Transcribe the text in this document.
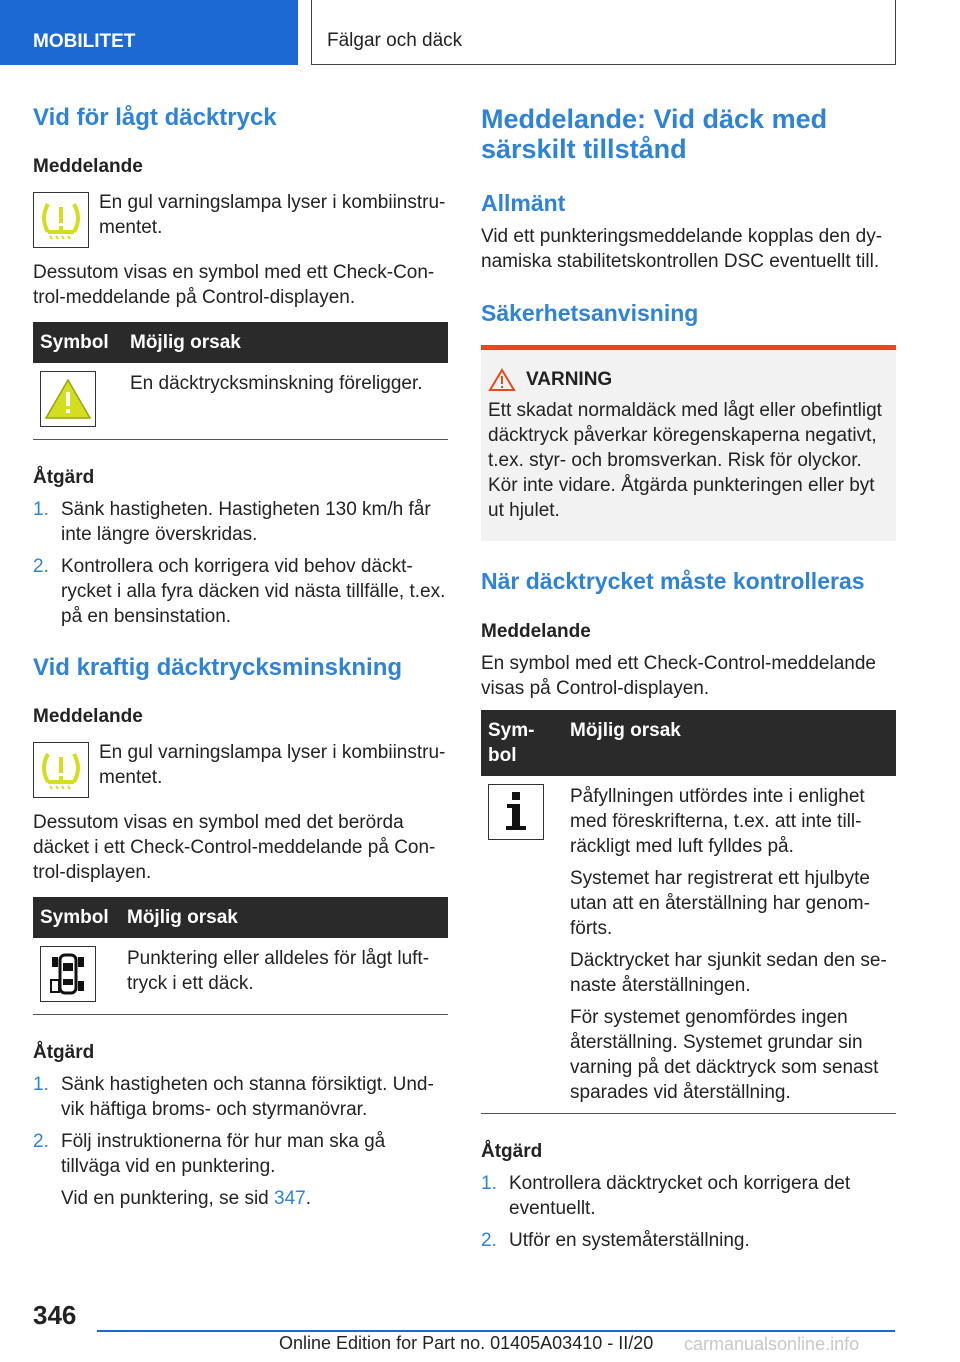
MOBILITET	Fälgar och däck
Vid för lågt däcktryck
Meddelande
En gul varningslampa lyser i kombiinstru-mentet.

Dessutom visas en symbol med ett Check-Con-trol-meddelande på Control-displayen.

Symbol	Möjlig orsak

	En däcktrycksminskning föreligger.
Åtgärd
1. Sänk hastigheten. Hastigheten 130 km/h får inte längre överskridas.
2. Kontrollera och korrigera vid behov däckt-rycket i alla fyra däcken vid nästa tillfälle, t.ex. på en bensinstation.
Vid kraftig däcktrycksminskning
Meddelande
En gul varningslampa lyser i kombiinstru-mentet.

Dessutom visas en symbol med det berörda däcket i ett Check-Control-meddelande på Con-trol-displayen.

Symbol	Möjlig orsak

	Punktering eller alldeles för lågt luft-tryck i ett däck.
Åtgärd
1. Sänk hastigheten och stanna försiktigt. Und-vik häftiga broms- och styrmanövrar.
2. Följ instruktionerna för hur man ska gå tillväga vid en punktering.

Vid en punktering, se sid 347.

Meddelande: Vid däck med särskilt tillstånd
Allmänt

Vid ett punkteringsmeddelande kopplas den dy-namiska stabilitetskontrollen DSC eventuellt till.

Säkerhetsanvisning
VARNING

Ett skadat normaldäck med lågt eller obefintligt däcktryck påverkar köregenskaperna negativt, t.ex. styr- och bromsverkan. Risk för olyckor. Kör inte vidare. Åtgärda punkteringen eller byt ut hjulet.

När däcktrycket måste kontrolleras
Meddelande

En symbol med ett Check-Control-meddelande visas på Control-displayen.

Sym-bol	Möjlig orsak

Påfyllningen utfördes inte i enlighet med föreskrifterna, t.ex. att inte till-räckligt med luft fylldes på.

Systemet har registrerat ett hjulbyte utan att en återställning har genom-förts.

Däcktrycket har sjunkit sedan den se-naste återställningen.

För systemet genomfördes ingen återställning. Systemet grundar sin varning på det däcktryck som senast sparades vid återställning.

Åtgärd
1. Kontrollera däcktrycket och korrigera det eventuellt.
2. Utför en systemåterställning.
346
Online Edition for Part no. 01405A03410 - II/20 carmanualsonline.info
